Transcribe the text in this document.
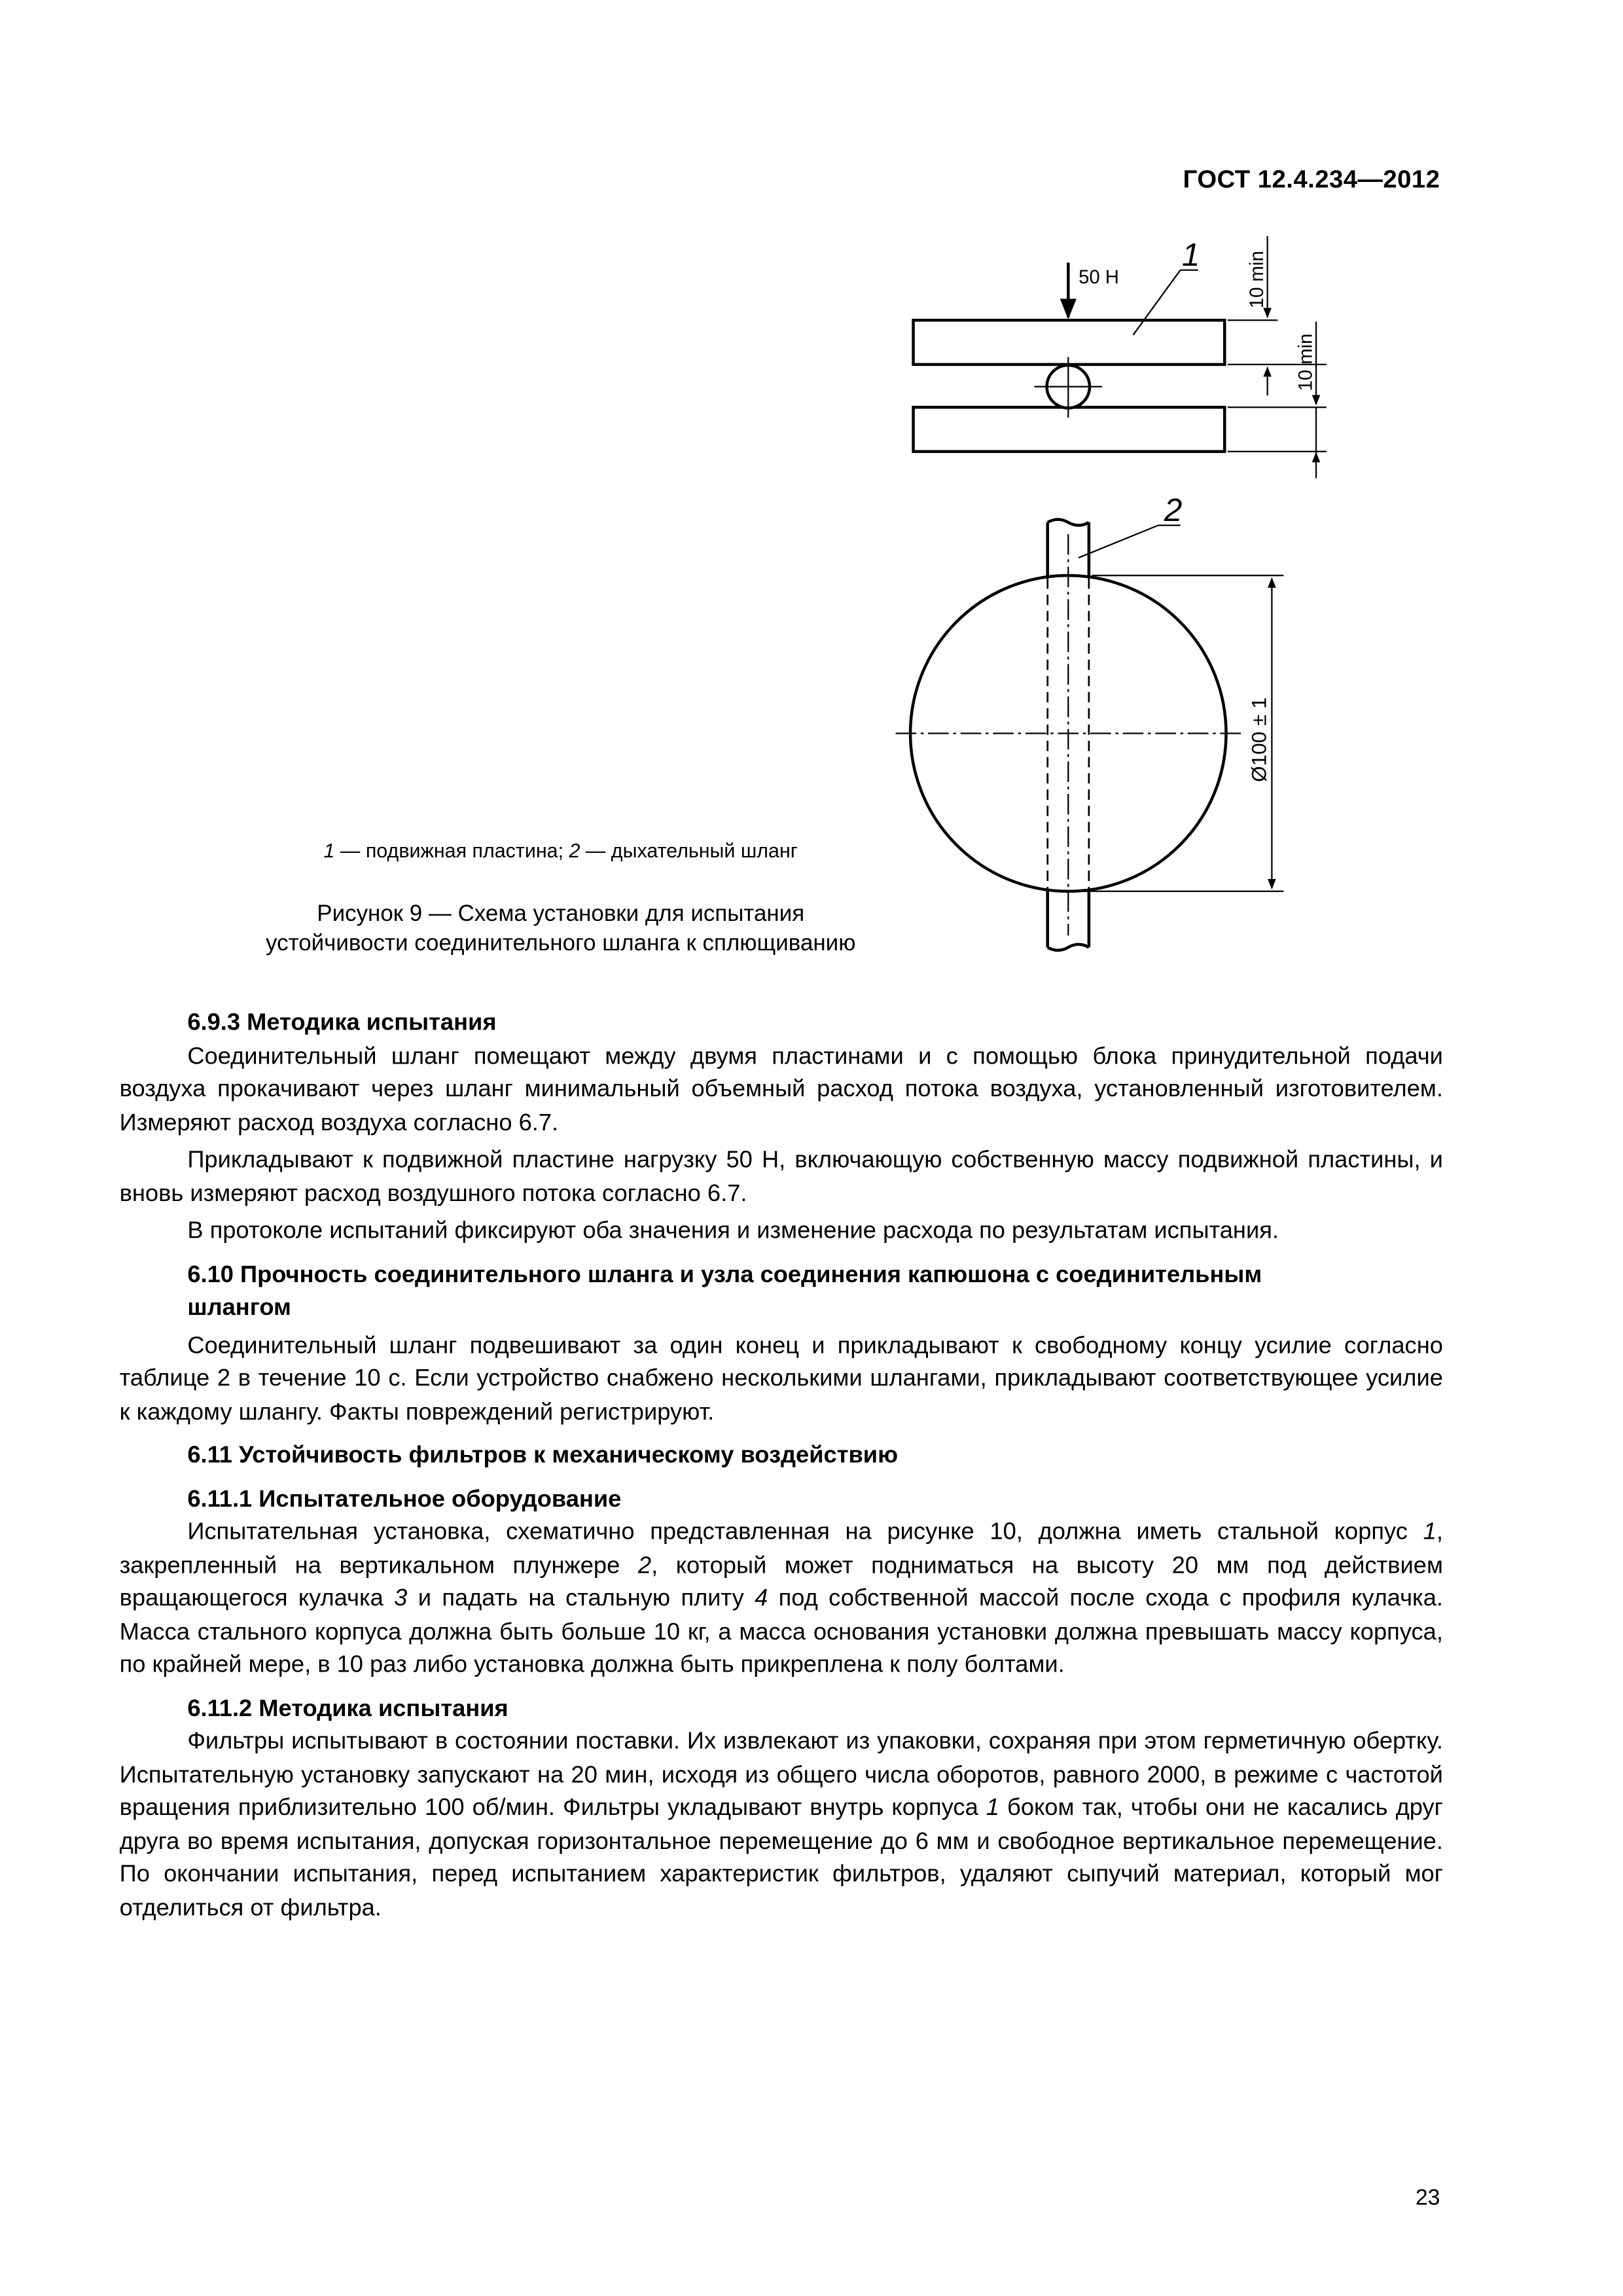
ГОСТ 12.4.234—2012
50 Н
1	10 min
10 min
2
Ø100 ± 1
1 — подвижная пластина; 2 — дыхательный шланг
Рисунок 9 — Схема установки для испытания
устойчивости соединительного шланга к сплющиванию
6.9.3 Методика испытания

Соединительный шланг помещают между двумя пластинами и с помощью блока принудительной подачи воздуха прокачивают через шланг минимальный объемный расход потока воздуха, установленный изготовителем. Измеряют расход воздуха согласно 6.7.

Прикладывают к подвижной пластине нагрузку 50 Н, включающую собственную массу подвижной пластины, и вновь измеряют расход воздушного потока согласно 6.7.

В протоколе испытаний фиксируют оба значения и изменение расхода по результатам испытания.

6.10 Прочность соединительного шланга и узла соединения капюшона с соединительным
шлангом

Соединительный шланг подвешивают за один конец и прикладывают к свободному концу усилие согласно таблице 2 в течение 10 с. Если устройство снабжено несколькими шлангами, прикладывают соответствующее усилие к каждому шлангу. Факты повреждений регистрируют.

6.11 Устойчивость фильтров к механическому воздействию
6.11.1 Испытательное оборудование

Испытательная установка, схематично представленная на рисунке 10, должна иметь стальной корпус 1, закрепленный на вертикальном плунжере 2, который может подниматься на высоту 20 мм под действием вращающегося кулачка 3 и падать на стальную плиту 4 под собственной массой после схода с профиля кулачка. Масса стального корпуса должна быть больше 10 кг, а масса основания установки должна превышать массу корпуса, по крайней мере, в 10 раз либо установка должна быть прикреплена к полу болтами.

6.11.2 Методика испытания

Фильтры испытывают в состоянии поставки. Их извлекают из упаковки, сохраняя при этом герметичную обертку. Испытательную установку запускают на 20 мин, исходя из общего числа оборотов, равного 2000, в режиме с частотой вращения приблизительно 100 об/мин. Фильтры укладывают внутрь корпуса 1 боком так, чтобы они не касались друг друга во время испытания, допуская горизонтальное перемещение до 6 мм и свободное вертикальное перемещение. По окончании испытания, перед испытанием характеристик фильтров, удаляют сыпучий материал, который мог отделиться от фильтра.

23
